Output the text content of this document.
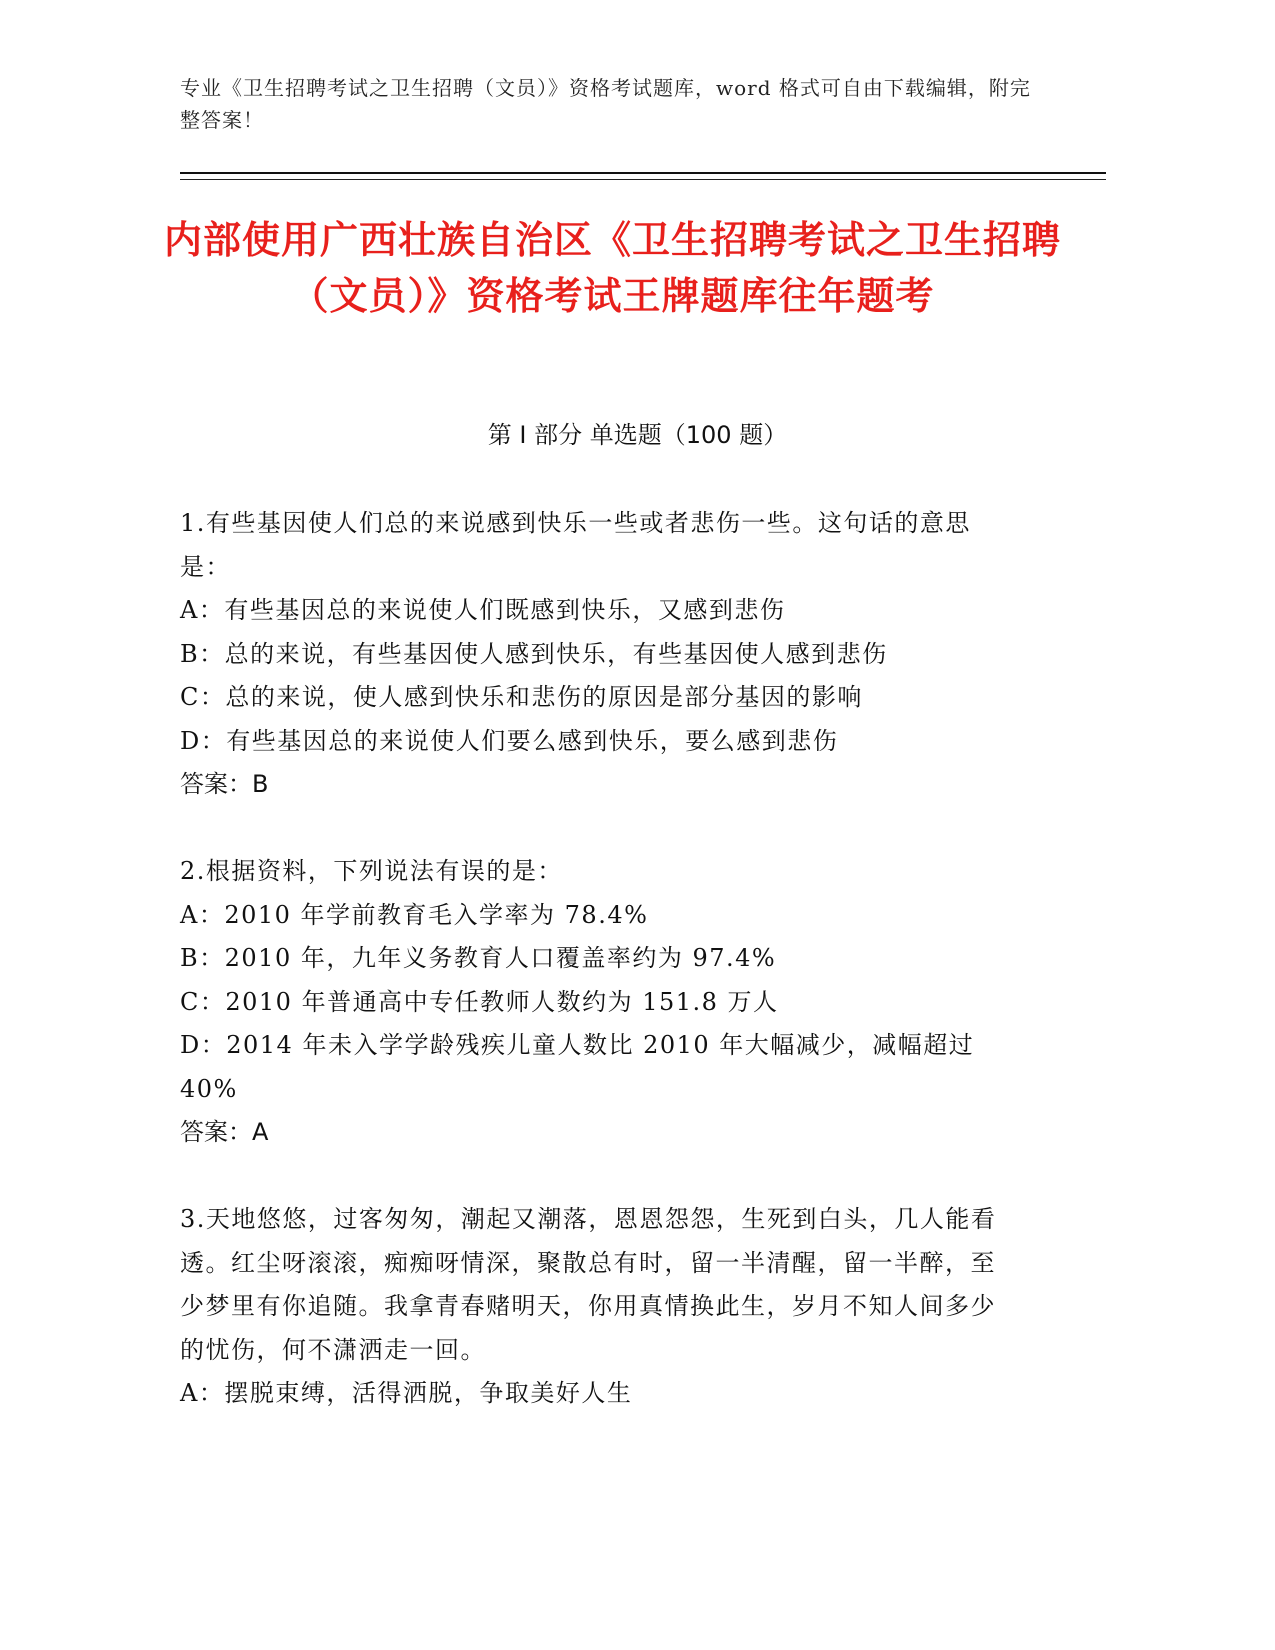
专业《卫生招聘考试之卫生招聘（文员）》资格考试题库，word 格式可自由下载编辑，附完整答案！
内部使用广西壮族自治区《卫生招聘考试之卫生招聘（文员）》资格考试王牌题库往年题考
第 I 部分 单选题（100 题）

1.有些基因使人们总的来说感到快乐一些或者悲伤一些。这句话的意思是：

A：有些基因总的来说使人们既感到快乐，又感到悲伤

B：总的来说，有些基因使人感到快乐，有些基因使人感到悲伤

C：总的来说，使人感到快乐和悲伤的原因是部分基因的影响

D：有些基因总的来说使人们要么感到快乐，要么感到悲伤

答案：B

2.根据资料，下列说法有误的是：

A：2010 年学前教育毛入学率为 78.4%

B：2010 年，九年义务教育人口覆盖率约为 97.4%

C：2010 年普通高中专任教师人数约为 151.8 万人

D：2014 年未入学学龄残疾儿童人数比 2010 年大幅减少，减幅超过 40%

答案：A

3.天地悠悠，过客匆匆，潮起又潮落，恩恩怨怨，生死到白头，几人能看透。红尘呀滚滚，痴痴呀情深，聚散总有时，留一半清醒，留一半醉，至少梦里有你追随。我拿青春赌明天，你用真情换此生，岁月不知人间多少的忧伤，何不潇洒走一回。

A：摆脱束缚，活得洒脱，争取美好人生
